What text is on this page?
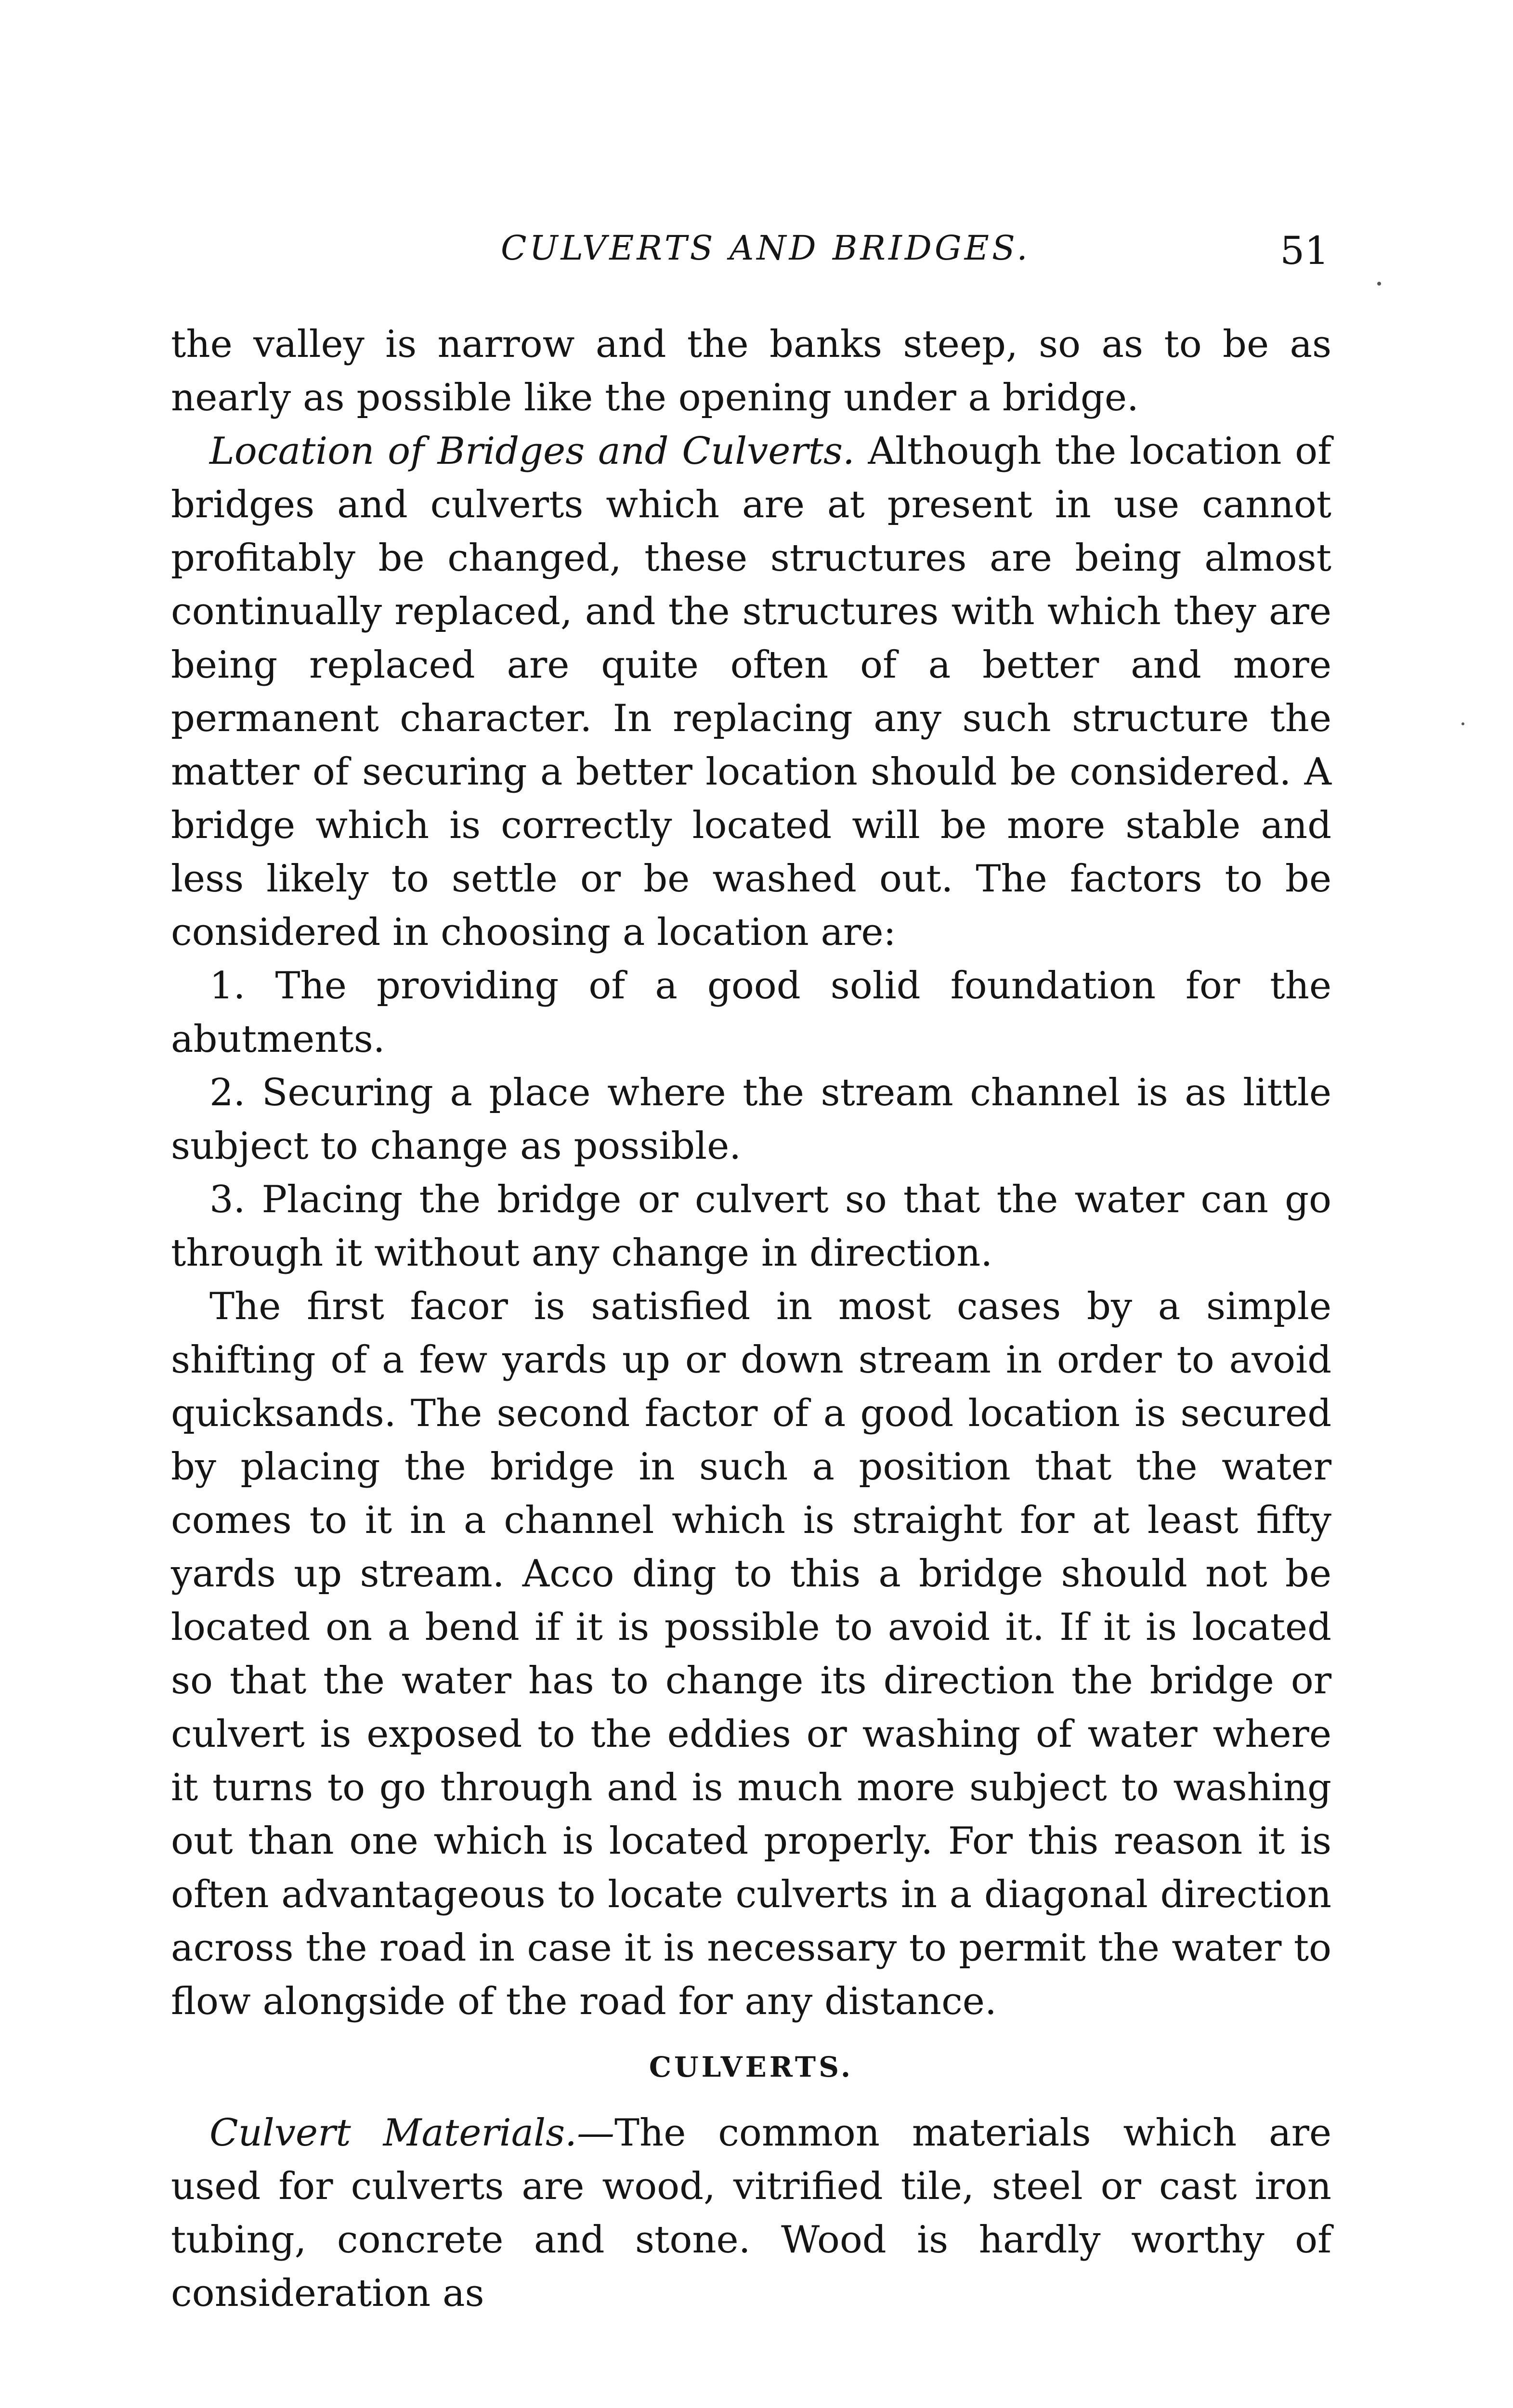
CULVERTS AND BRIDGES.	51

the valley is narrow and the banks steep, so as to be as nearly as possible like the opening under a bridge.

Location of Bridges and Culverts. Although the location of bridges and culverts which are at present in use cannot profitably be changed, these structures are being almost continually replaced, and the structures with which they are being replaced are quite often of a better and more permanent character. In replacing any such structure the matter of securing a better location should be considered. A bridge which is correctly located will be more stable and less likely to settle or be washed out. The factors to be considered in choosing a location are:

1. The providing of a good solid foundation for the abutments.

2. Securing a place where the stream channel is as little subject to change as possible.

3. Placing the bridge or culvert so that the water can go through it without any change in direction.

The first facor is satisfied in most cases by a simple shifting of a few yards up or down stream in order to avoid quicksands. The second factor of a good location is secured by placing the bridge in such a position that the water comes to it in a channel which is straight for at least fifty yards up stream. Acco ding to this a bridge should not be located on a bend if it is possible to avoid it. If it is located so that the water has to change its direction the bridge or culvert is exposed to the eddies or washing of water where it turns to go through and is much more subject to washing out than one which is located properly. For this reason it is often advantageous to locate culverts in a diagonal direction across the road in case it is necessary to permit the water to flow alongside of the road for any distance.

CULVERTS.

Culvert Materials.—The common materials which are used for culverts are wood, vitrified tile, steel or cast iron tubing, concrete and stone. Wood is hardly worthy of consideration as
